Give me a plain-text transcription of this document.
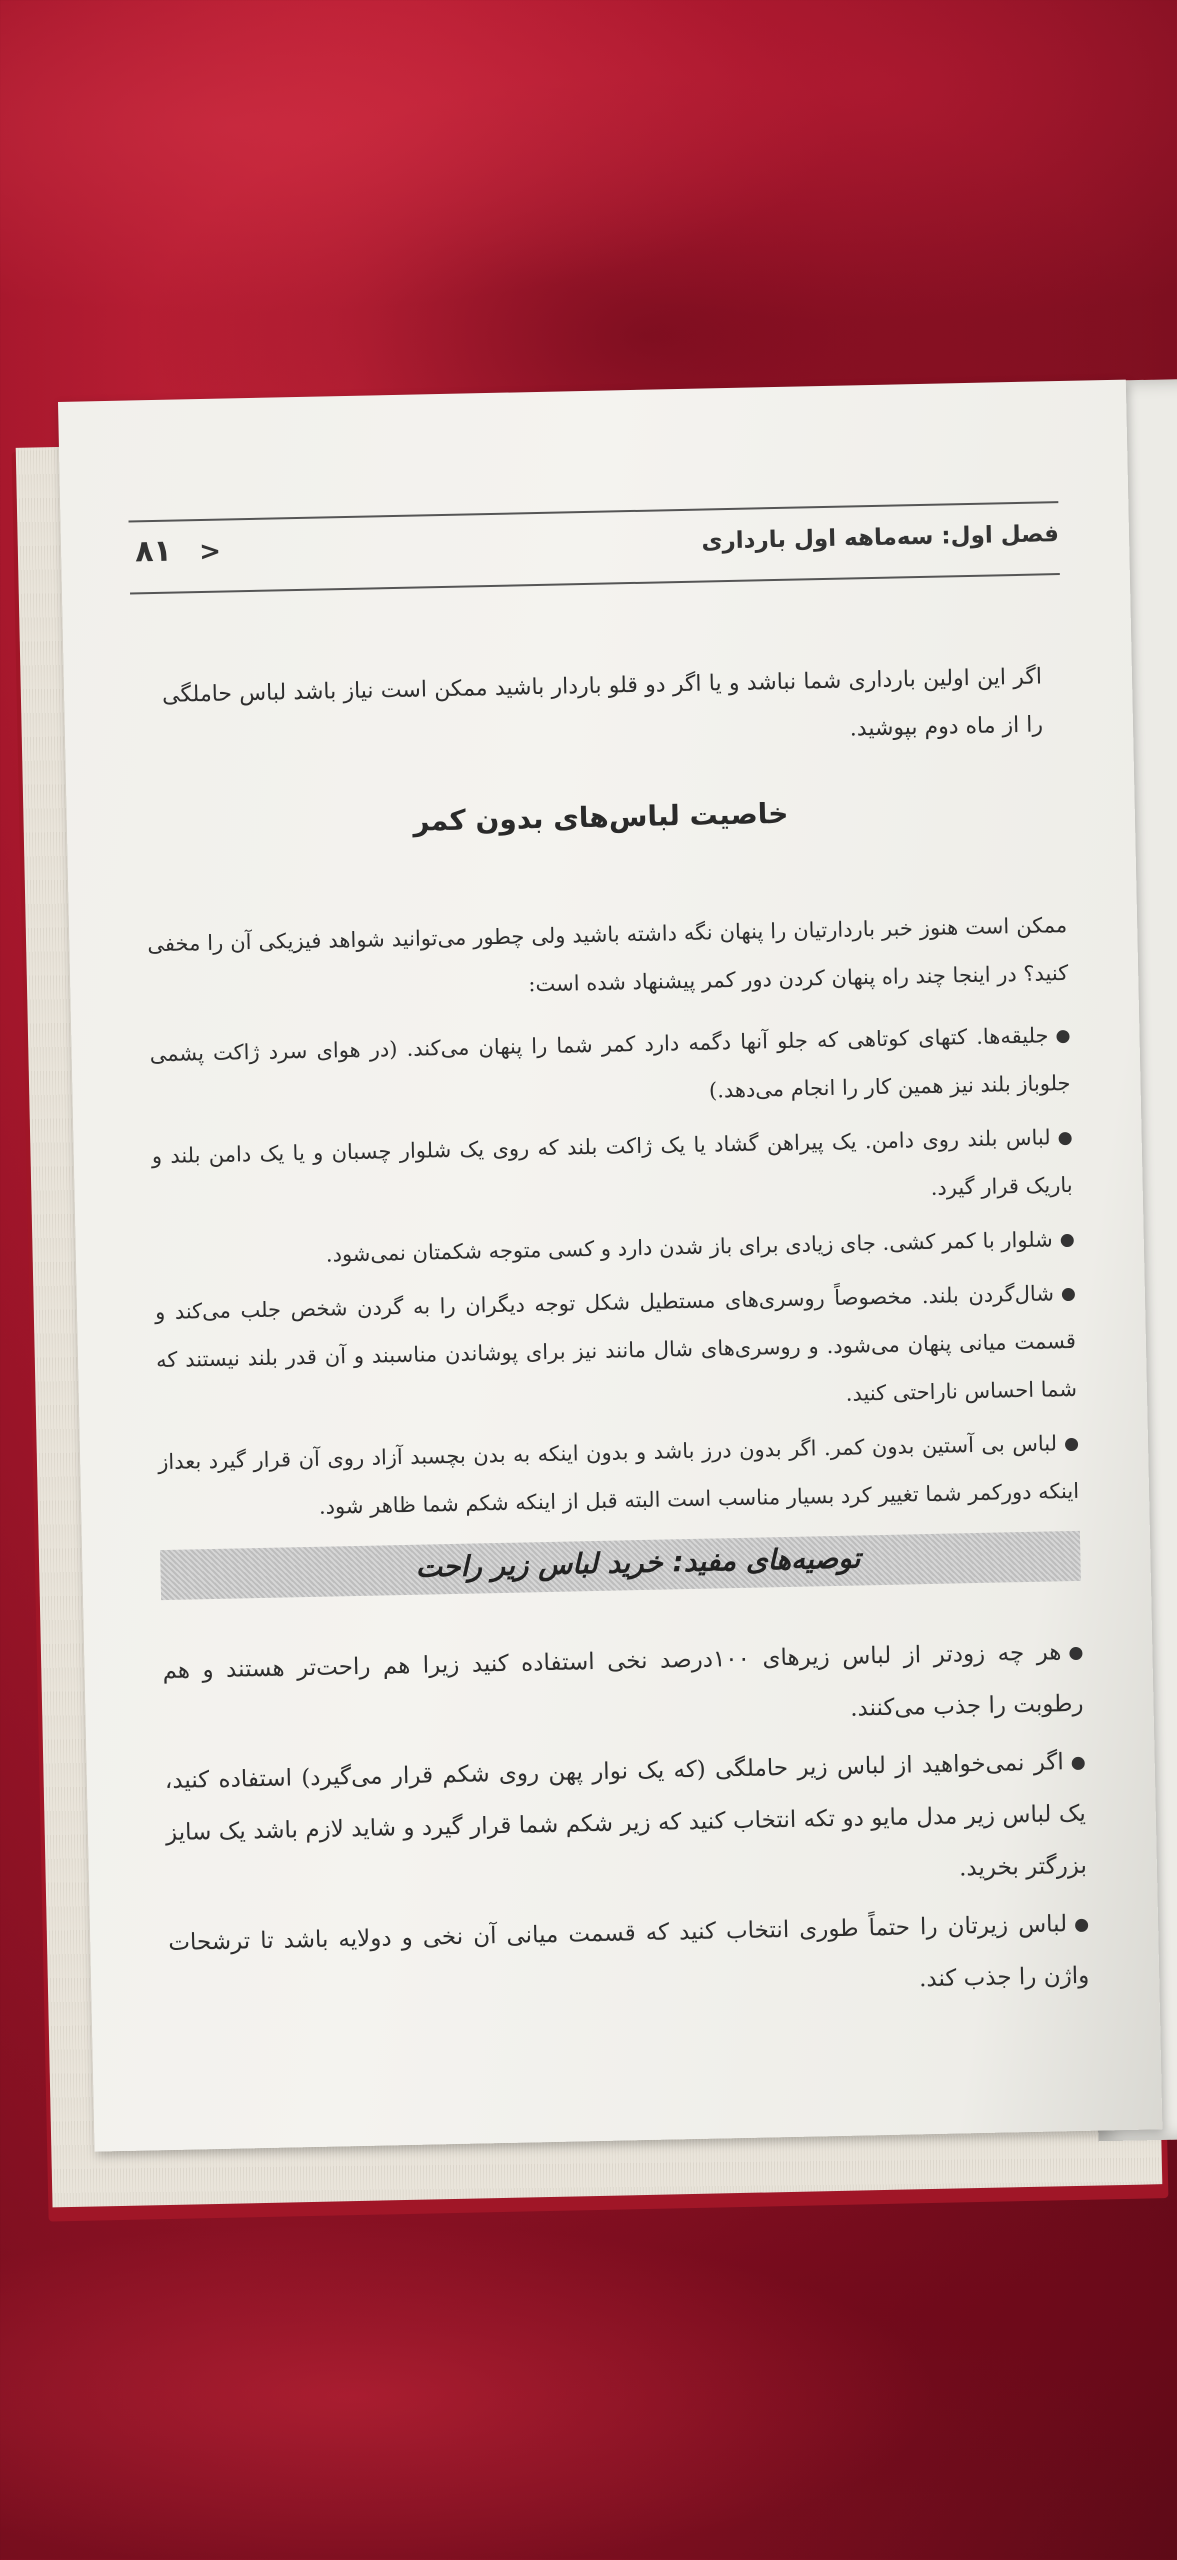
فصل اول: سه‌ماهه اول بارداری
<
۸۱

اگر این اولین بارداری شما نباشد و یا اگر دو قلو باردار باشید ممکن است نیاز باشد لباس حاملگی را از ماه دوم بپوشید.

خاصیت لباس‌های بدون کمر

ممکن است هنوز خبر باردارتیان را پنهان نگه داشته باشید ولی چطور می‌توانید شواهد فیزیکی آن را مخفی کنید؟ در اینجا چند راه پنهان کردن دور کمر پیشنهاد شده است:

جلیقه‌ها. کتهای کوتاهی که جلو آنها دگمه دارد کمر شما را پنهان می‌کند. (در هوای سرد ژاکت پشمی جلوباز بلند نیز همین کار را انجام می‌دهد.)

لباس بلند روی دامن. یک پیراهن گشاد یا یک ژاکت بلند که روی یک شلوار چسبان و یا یک دامن بلند و باریک قرار گیرد.

شلوار با کمر کشی. جای زیادی برای باز شدن دارد و کسی متوجه شکمتان نمی‌شود.

شال‌گردن بلند. مخصوصاً روسری‌های مستطیل شکل توجه دیگران را به گردن شخص جلب می‌کند و قسمت میانی پنهان می‌شود. و روسری‌های شال مانند نیز برای پوشاندن مناسبند و آن قدر بلند نیستند که شما احساس ناراحتی کنید.

لباس بی آستین بدون کمر. اگر بدون درز باشد و بدون اینکه به بدن بچسبد آزاد روی آن قرار گیرد بعداز اینکه دورکمر شما تغییر کرد بسیار مناسب است البته قبل از اینکه شکم شما ظاهر شود.

توصیه‌های مفید: خرید لباس زیر راحت

هر چه زودتر از لباس زیرهای ۱۰۰درصد نخی استفاده کنید زیرا هم راحت‌تر هستند و هم رطوبت را جذب می‌کنند.

اگر نمی‌خواهید از لباس زیر حاملگی (که یک نوار پهن روی شکم قرار می‌گیرد) استفاده کنید، یک لباس زیر مدل مایو دو تکه انتخاب کنید که زیر شکم شما قرار گیرد و شاید لازم باشد یک سایز بزرگتر بخرید.

لباس زیرتان را حتماً طوری انتخاب کنید که قسمت میانی آن نخی و دولایه باشد تا ترشحات واژن را جذب کند.
